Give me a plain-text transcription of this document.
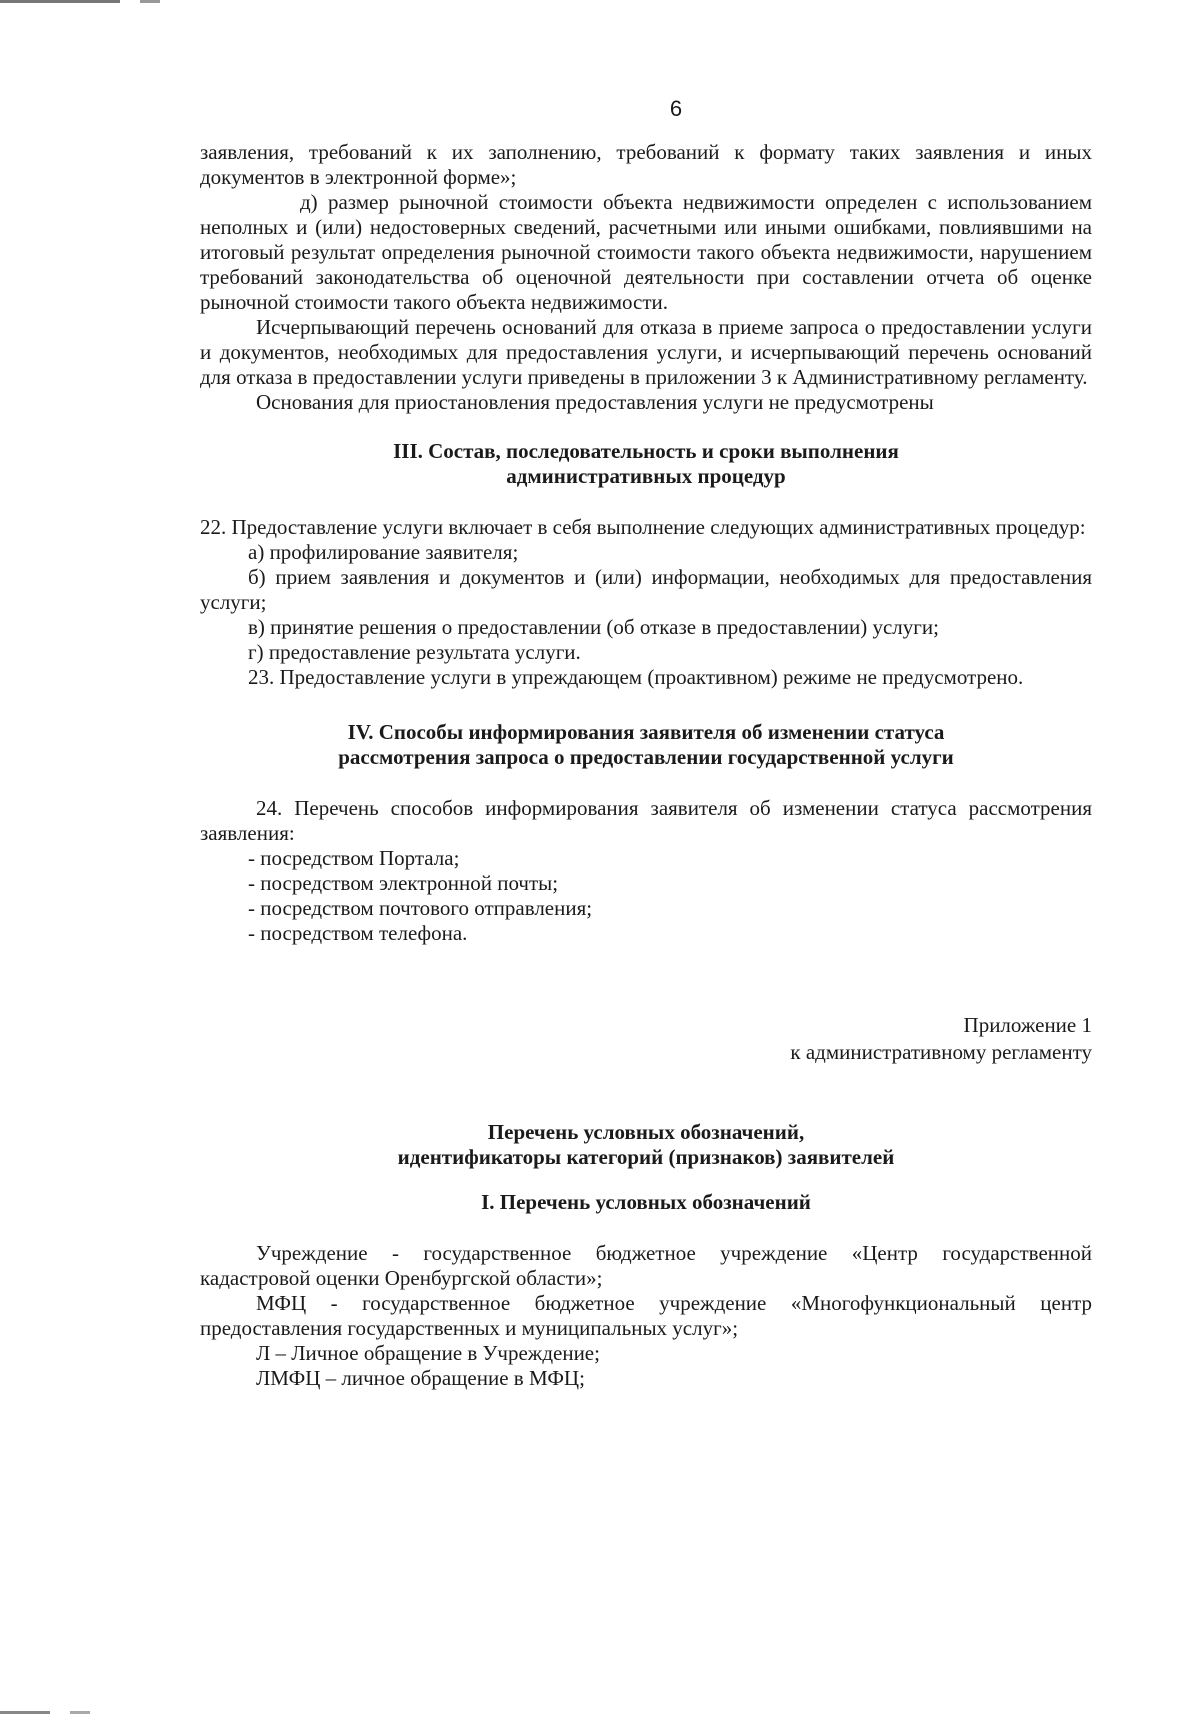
6

заявления, требований к их заполнению, требований к формату таких заявления и иных документов в электронной форме»;

д) размер рыночной стоимости объекта недвижимости определен с использованием неполных и (или) недостоверных сведений, расчетными или иными ошибками, повлиявшими на итоговый результат определения рыночной стоимости такого объекта недвижимости, нарушением требований законодательства об оценочной деятельности при составлении отчета об оценке рыночной стоимости такого объекта недвижимости.

Исчерпывающий перечень оснований для отказа в приеме запроса о предоставлении услуги и документов, необходимых для предоставления услуги, и исчерпывающий перечень оснований для отказа в предоставлении услуги приведены в приложении 3 к Административному регламенту.

Основания для приостановления предоставления услуги не предусмотрены

III. Состав, последовательность и сроки выполнения
административных процедур

22. Предоставление услуги включает в себя выполнение следующих административных процедур:

а) профилирование заявителя;

б) прием заявления и документов и (или) информации, необходимых для предоставления услуги;

в) принятие решения о предоставлении (об отказе в предоставлении) услуги;
г) предоставление результата услуги.

23. Предоставление услуги в упреждающем (проактивном) режиме не предусмотрено.

IV. Способы информирования заявителя об изменении статуса
рассмотрения запроса о предоставлении государственной услуги

24. Перечень способов информирования заявителя об изменении статуса рассмотрения заявления:

- посредством Портала;
- посредством электронной почты;
- посредством почтового отправления;
- посредством телефона.
Приложение 1
к административному регламенту
Перечень условных обозначений,
идентификаторы категорий (признаков) заявителей
I. Перечень условных обозначений

Учреждение - государственное бюджетное учреждение «Центр государственной кадастровой оценки Оренбургской области»;

МФЦ - государственное бюджетное учреждение «Многофункциональный центр предоставления государственных и муниципальных услуг»;

Л – Личное обращение в Учреждение;

ЛМФЦ – личное обращение в МФЦ;
